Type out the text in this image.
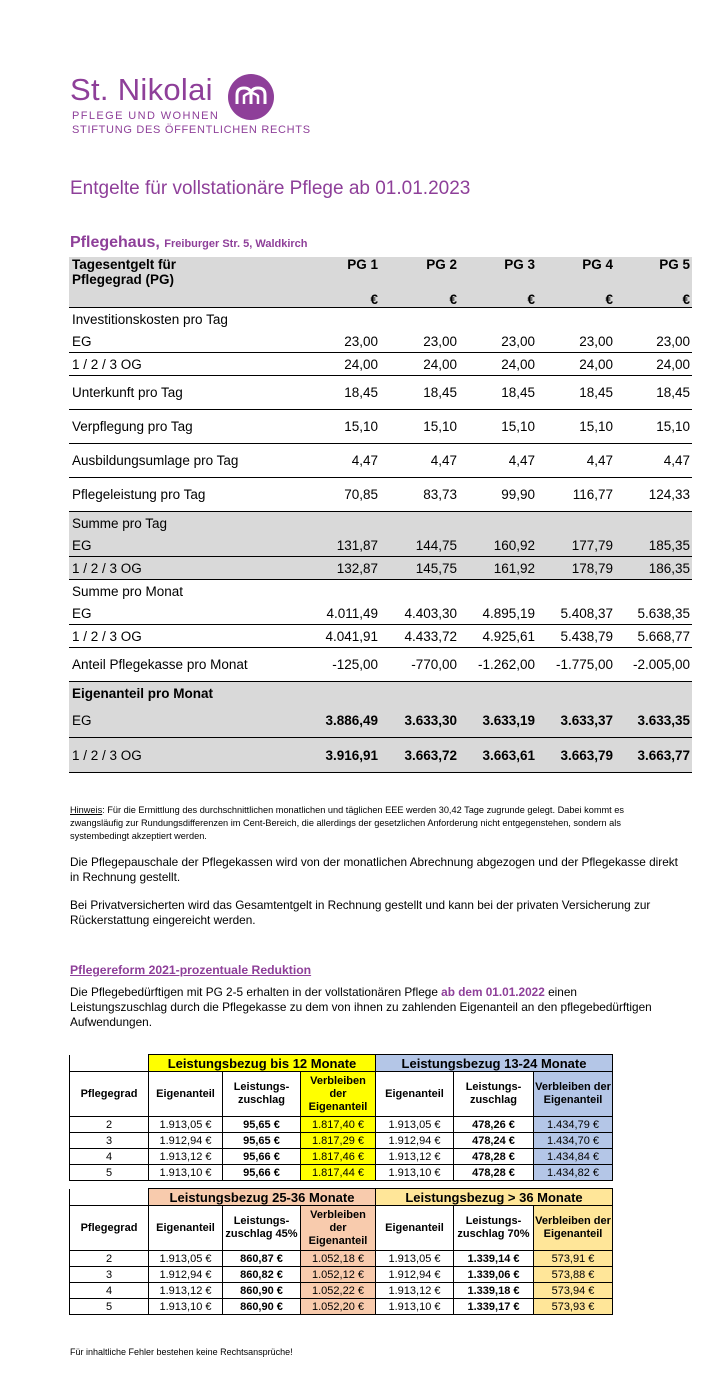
St. Nikolai
PFLEGE UND WOHNEN
STIFTUNG DES ÖFFENTLICHEN RECHTS
Entgelte für vollstationäre Pflege ab 01.01.2023
Pflegehaus, Freiburger Str. 5, Waldkirch
Tagesentgelt für
Pflegegrad (PG)	PG 1	PG 2	PG 3	PG 4	PG 5
	€	€	€	€	€
Investitionskosten pro Tag					
EG	23,00	23,00	23,00	23,00	23,00
1 / 2 / 3 OG	24,00	24,00	24,00	24,00	24,00
Unterkunft pro Tag	18,45	18,45	18,45	18,45	18,45
Verpflegung pro Tag	15,10	15,10	15,10	15,10	15,10
Ausbildungsumlage pro Tag	4,47	4,47	4,47	4,47	4,47
Pflegeleistung pro Tag	70,85	83,73	99,90	116,77	124,33
Summe pro Tag					
EG	131,87	144,75	160,92	177,79	185,35
1 / 2 / 3 OG	132,87	145,75	161,92	178,79	186,35
Summe pro Monat					
EG	4.011,49	4.403,30	4.895,19	5.408,37	5.638,35
1 / 2 / 3 OG	4.041,91	4.433,72	4.925,61	5.438,79	5.668,77
Anteil Pflegekasse pro Monat	-125,00	-770,00	-1.262,00	-1.775,00	-2.005,00
Eigenanteil pro Monat					
EG	3.886,49	3.633,30	3.633,19	3.633,37	3.633,35
1 / 2 / 3 OG	3.916,91	3.663,72	3.663,61	3.663,79	3.663,77
Hinweis: Für die Ermittlung des durchschnittlichen monatlichen und täglichen EEE werden 30,42 Tage zugrunde gelegt. Dabei kommt es zwangsläufig zur Rundungsdifferenzen im Cent-Bereich, die allerdings der gesetzlichen Anforderung nicht entgegenstehen, sondern als systembedingt akzeptiert werden.
Die Pflegepauschale der Pflegekassen wird von der monatlichen Abrechnung abgezogen und der Pflegekasse direkt in Rechnung gestellt.
Bei Privatversicherten wird das Gesamtentgelt in Rechnung gestellt und kann bei der privaten Versicherung zur Rückerstattung eingereicht werden.
Pflegereform 2021-prozentuale Reduktion
Die Pflegebedürftigen mit PG 2-5 erhalten in der vollstationären Pflege ab dem 01.01.2022 einen Leistungszuschlag durch die Pflegekasse zu dem von ihnen zu zahlenden Eigenanteil an den pflegebedürftigen Aufwendungen.
	Leistungsbezug bis 12 Monate			Leistungsbezug 13-24 Monate		
Pflegegrad	Eigenanteil	Leistungs- zuschlag	Verbleiben der Eigenanteil	Eigenanteil	Leistungs- zuschlag	Verbleiben der Eigenanteil
2	1.913,05 €	95,65 €	1.817,40 €	1.913,05 €	478,26 €	1.434,79 €
3	1.912,94 €	95,65 €	1.817,29 €	1.912,94 €	478,24 €	1.434,70 €
4	1.913,12 €	95,66 €	1.817,46 €	1.913,12 €	478,28 €	1.434,84 €
5	1.913,10 €	95,66 €	1.817,44 €	1.913,10 €	478,28 €	1.434,82 €
	Leistungsbezug 25-36 Monate			Leistungsbezug > 36 Monate		
Pflegegrad	Eigenanteil	Leistungs- zuschlag 45%	Verbleiben der Eigenanteil	Eigenanteil	Leistungs- zuschlag 70%	Verbleiben der Eigenanteil
2	1.913,05 €	860,87 €	1.052,18 €	1.913,05 €	1.339,14 €	573,91 €
3	1.912,94 €	860,82 €	1.052,12 €	1.912,94 €	1.339,06 €	573,88 €
4	1.913,12 €	860,90 €	1.052,22 €	1.913,12 €	1.339,18 €	573,94 €
5	1.913,10 €	860,90 €	1.052,20 €	1.913,10 €	1.339,17 €	573,93 €
Für inhaltliche Fehler bestehen keine Rechtsansprüche!
